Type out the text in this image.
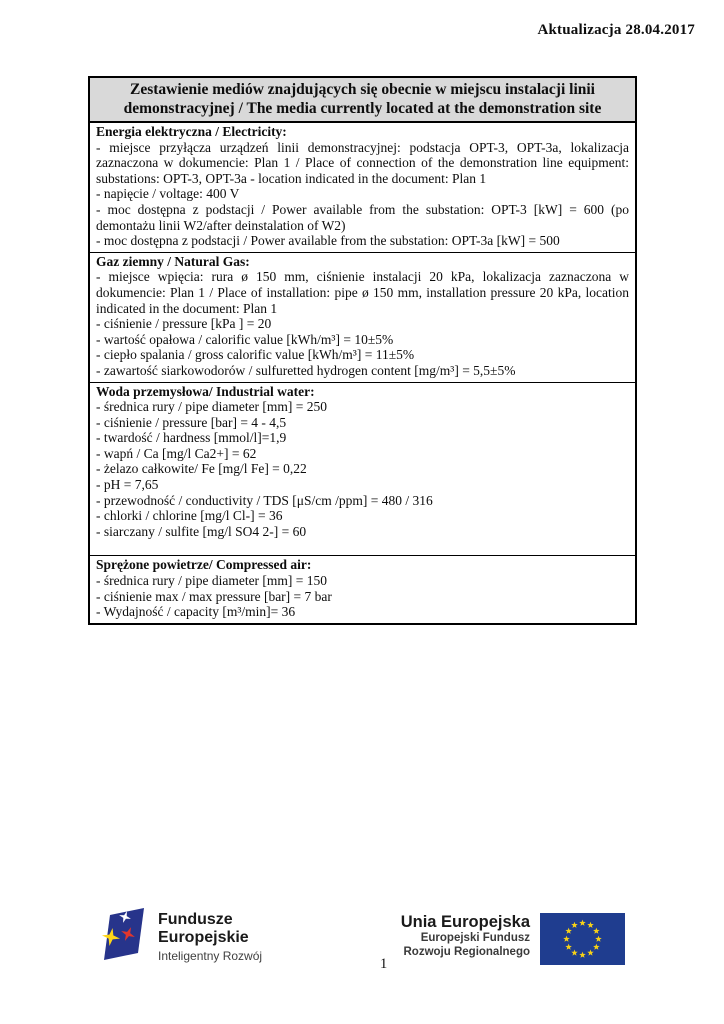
Aktualizacja 28.04.2017
Zestawienie mediów znajdujących się obecnie w miejscu instalacji linii
demonstracyjnej / The media currently located at the demonstration site
Energia elektryczna / Electricity:
- miejsce przyłącza urządzeń linii demonstracyjnej: podstacja OPT-3, OPT-3a, lokalizacja zaznaczona w dokumencie: Plan 1 / Place of connection of the demonstration line equipment: substations: OPT-3, OPT-3a - location indicated in the document: Plan 1
- napięcie / voltage: 400 V
- moc dostępna z podstacji / Power available from the substation: OPT-3 [kW] = 600 (po demontażu linii W2/after deinstalation of W2)
- moc dostępna z podstacji / Power available from the substation: OPT-3a [kW] = 500
Gaz ziemny / Natural Gas:
- miejsce wpięcia: rura ø 150 mm, ciśnienie instalacji 20 kPa, lokalizacja zaznaczona w dokumencie: Plan 1 / Place of installation: pipe ø 150 mm, installation pressure 20 kPa, location indicated in the document: Plan 1
- ciśnienie / pressure [kPa ] = 20
- wartość opałowa / calorific value [kWh/m³] = 10±5%
- ciepło spalania / gross calorific value [kWh/m³] = 11±5%
- zawartość siarkowodorów / sulfuretted hydrogen content [mg/m³] = 5,5±5%
Woda przemysłowa/ Industrial water:
- średnica rury / pipe diameter [mm] = 250
- ciśnienie / pressure [bar] = 4 - 4,5
- twardość / hardness [mmol/l]=1,9
- wapń / Ca [mg/l Ca2+] = 62
- żelazo całkowite/ Fe [mg/l Fe] = 0,22
- pH = 7,65
- przewodność / conductivity / TDS [μS/cm /ppm] = 480 / 316
- chlorki / chlorine [mg/l Cl-] = 36
- siarczany / sulfite [mg/l SO4 2-] = 60
Sprężone powietrze/ Compressed air:
- średnica rury / pipe diameter [mm] = 150
- ciśnienie max / max pressure [bar] = 7 bar
- Wydajność / capacity [m³/min]= 36
Fundusze
Europejskie
Inteligentny Rozwój
Unia Europejska
Europejski Fundusz
Rozwoju Regionalnego
1
